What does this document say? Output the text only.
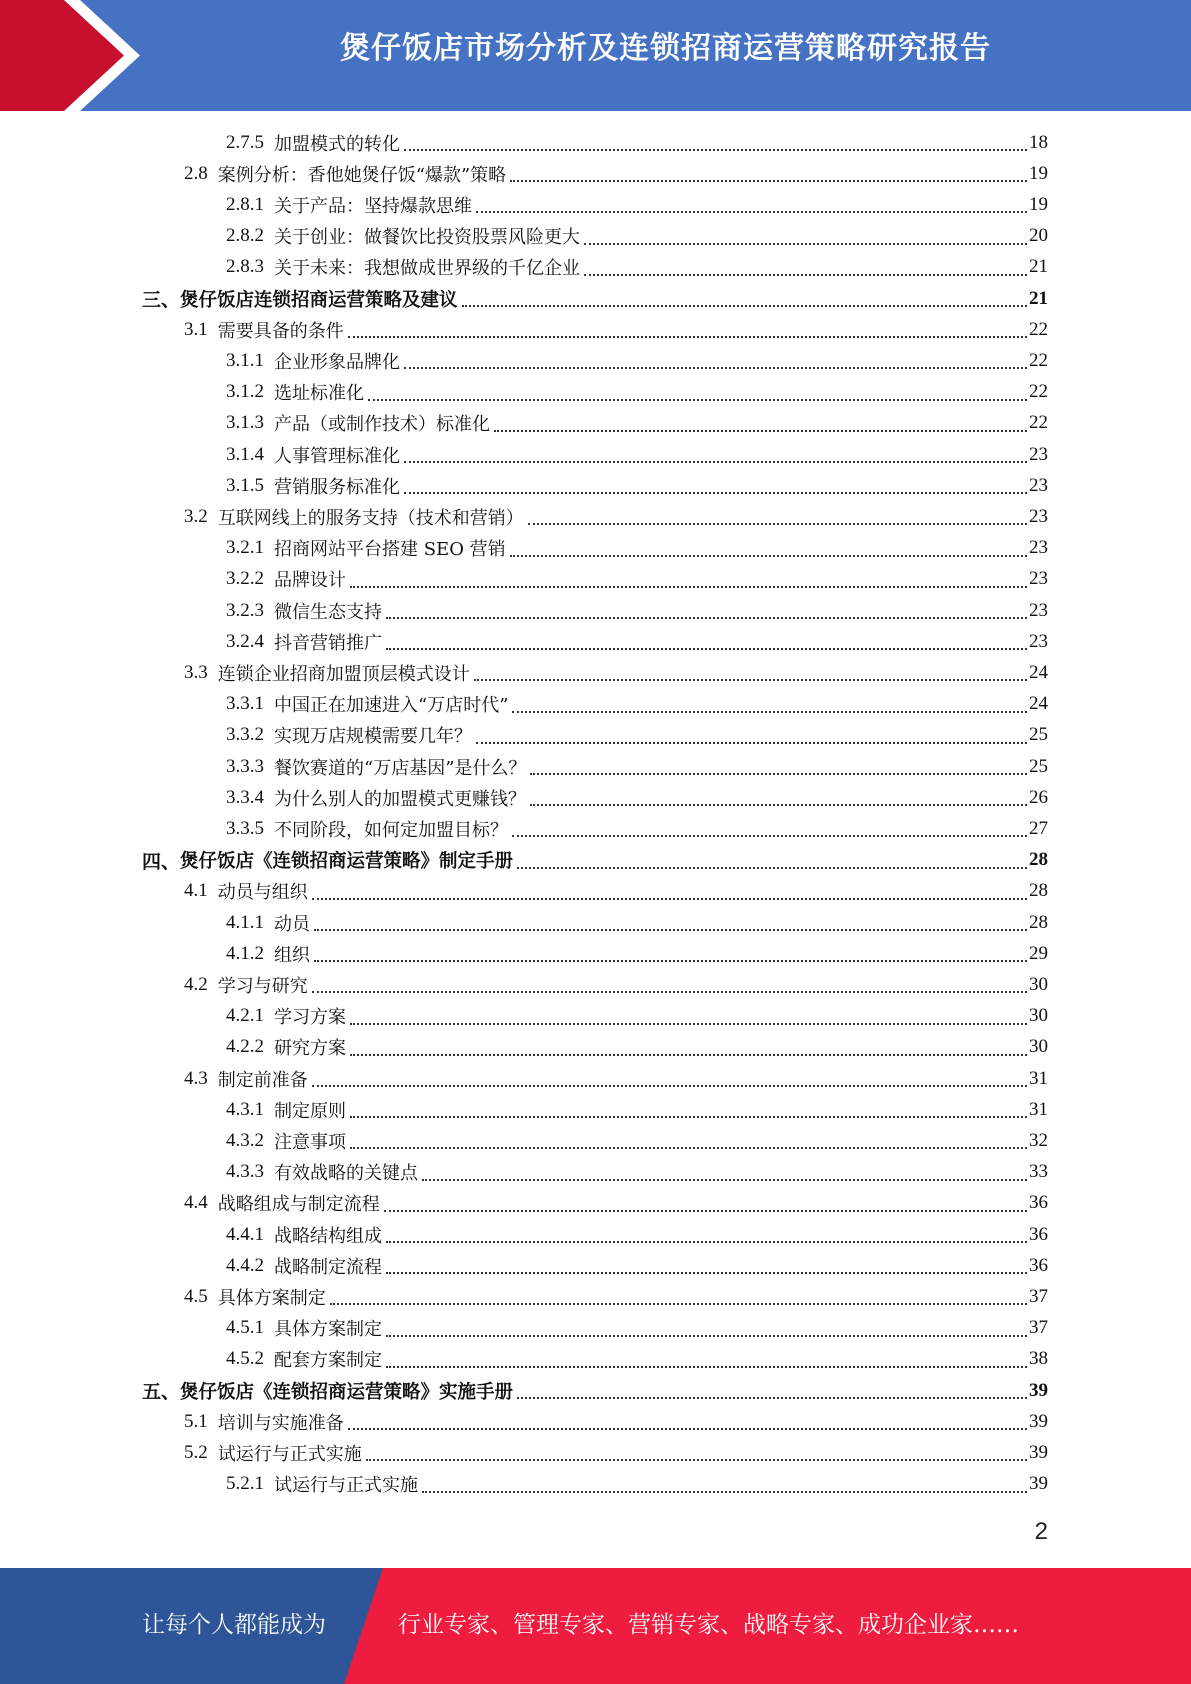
煲仔饭店市场分析及连锁招商运营策略研究报告
2.7.5 加盟模式的转化	18
2.8 案例分析：香他她煲仔饭“爆款”策略	19
2.8.1 关于产品：坚持爆款思维	19
2.8.2 关于创业：做餐饮比投资股票风险更大	20
2.8.3 关于未来：我想做成世界级的千亿企业	21
三、 煲仔饭店连锁招商运营策略及建议	21
3.1 需要具备的条件	22
3.1.1 企业形象品牌化	22
3.1.2 选址标准化	22
3.1.3 产品（或制作技术）标准化	22
3.1.4 人事管理标准化	23
3.1.5 营销服务标准化	23
3.2 互联网线上的服务支持（技术和营销）	23
3.2.1 招商网站平台搭建 SEO 营销	23
3.2.2 品牌设计	23
3.2.3 微信生态支持	23
3.2.4 抖音营销推广	23
3.3 连锁企业招商加盟顶层模式设计	24
3.3.1 中国正在加速进入“万店时代”	24
3.3.2 实现万店规模需要几年？	25
3.3.3 餐饮赛道的“万店基因”是什么？	25
3.3.4 为什么别人的加盟模式更赚钱？	26
3.3.5 不同阶段，如何定加盟目标？	27
四、 煲仔饭店《连锁招商运营策略》制定手册	28
4.1 动员与组织	28
4.1.1 动员	28
4.1.2 组织	29
4.2 学习与研究	30
4.2.1 学习方案	30
4.2.2 研究方案	30
4.3 制定前准备	31
4.3.1 制定原则	31
4.3.2 注意事项	32
4.3.3 有效战略的关键点	33
4.4 战略组成与制定流程	36
4.4.1 战略结构组成	36
4.4.2 战略制定流程	36
4.5 具体方案制定	37
4.5.1 具体方案制定	37
4.5.2 配套方案制定	38
五、 煲仔饭店《连锁招商运营策略》实施手册	39
5.1 培训与实施准备	39
5.2 试运行与正式实施	39
5.2.1 试运行与正式实施	39
2
让每个人都能成为	行业专家、管理专家、营销专家、战略专家、成功企业家……
